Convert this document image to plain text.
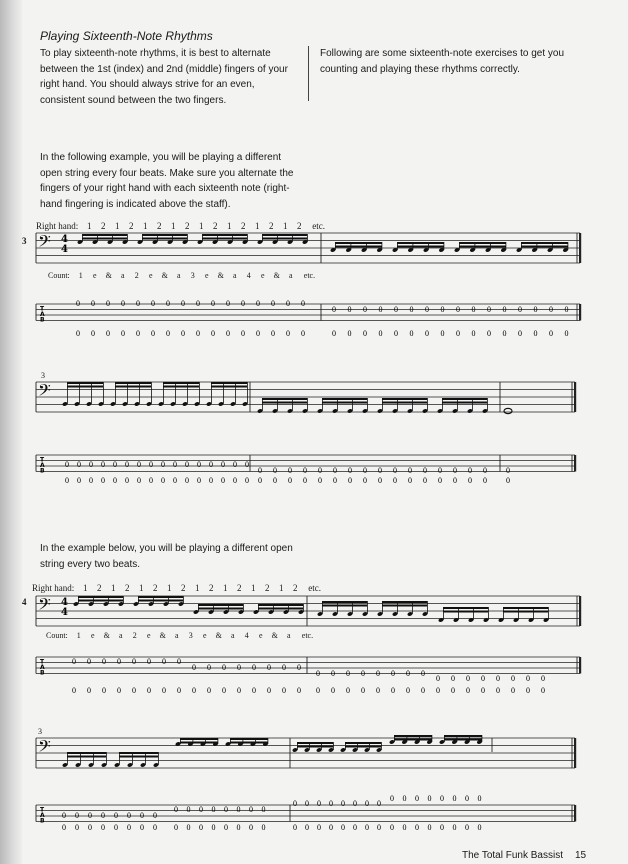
Playing Sixteenth-Note Rhythms

To play sixteenth-note rhythms, it is best to alternate between the 1st (index) and 2nd (middle) fingers of your right hand. You should always strive for an even, consistent sound between the two fingers.

Following are some sixteenth-note exercises to get you counting and playing these rhythms correctly.

In the following example, you will be playing a different open string every four beats. Make sure you alternate the fingers of your right hand with each sixteenth note (right-hand fingering is indicated above the staff).

Right hand: 1 2 1 2 1 2 1 2 1 2 1 2 1 2 1 2 etc.
3
Count: 1 e & a 2 e & a 3 e & a 4 e & a etc.
3

In the example below, you will be playing a different open string every two beats.

Right hand: 1 2 1 2 1 2 1 2 1 2 1 2 1 2 1 2 etc.
4
Count: 1 e & a 2 e & a 3 e & a 4 e & a etc.
3
𝄢 4
4
T
A
B
0 0 0 0 0 0 0 0 0 0 0 0 0 0 0 0
0 0 0 0 0 0 0 0 0 0 0 0 0 0 0 0
0 0 0 0 0 0 0 0 0 0 0 0 0 0 0 0	0 0 0 0 0 0 0 0 0 0 0 0 0 0 0 0
𝄢
T
A
B
0 0 0 0 0 0 0 0 0 0 0 0 0 0 0 0
0 0 0 0 0 0 0 0 0 0 0 0 0 0 0 0 0
0 0 0 0 0 0 0 0 0 0 0 0 0 0 0 0 0 0 0 0 0 0 0 0 0 0 0 0 0 0 0 0 0
𝄢 4
4
T
A
B
0 0 0 0 0 0 0 0
0 0 0 0 0 0 0 0
0 0 0 0 0 0 0 0
0 0 0 0 0 0 0 0
0 0 0 0 0 0 0 0 0 0 0 0 0 0 0 0 0 0 0 0 0 0 0 0 0 0 0 0 0 0 0 0
𝄢
T
A
B
0 0 0 0 0 0 0 0
0 0 0 0 0 0 0 0
0 0 0 0 0 0 0 0
0 0 0 0 0 0 0 0
0 0 0 0 0 0 0 0 0 0 0 0 0 0 0 0	0 0 0 0 0 0 0 0 0 0 0 0 0 0 0 0
The Total Funk Bassist 15
